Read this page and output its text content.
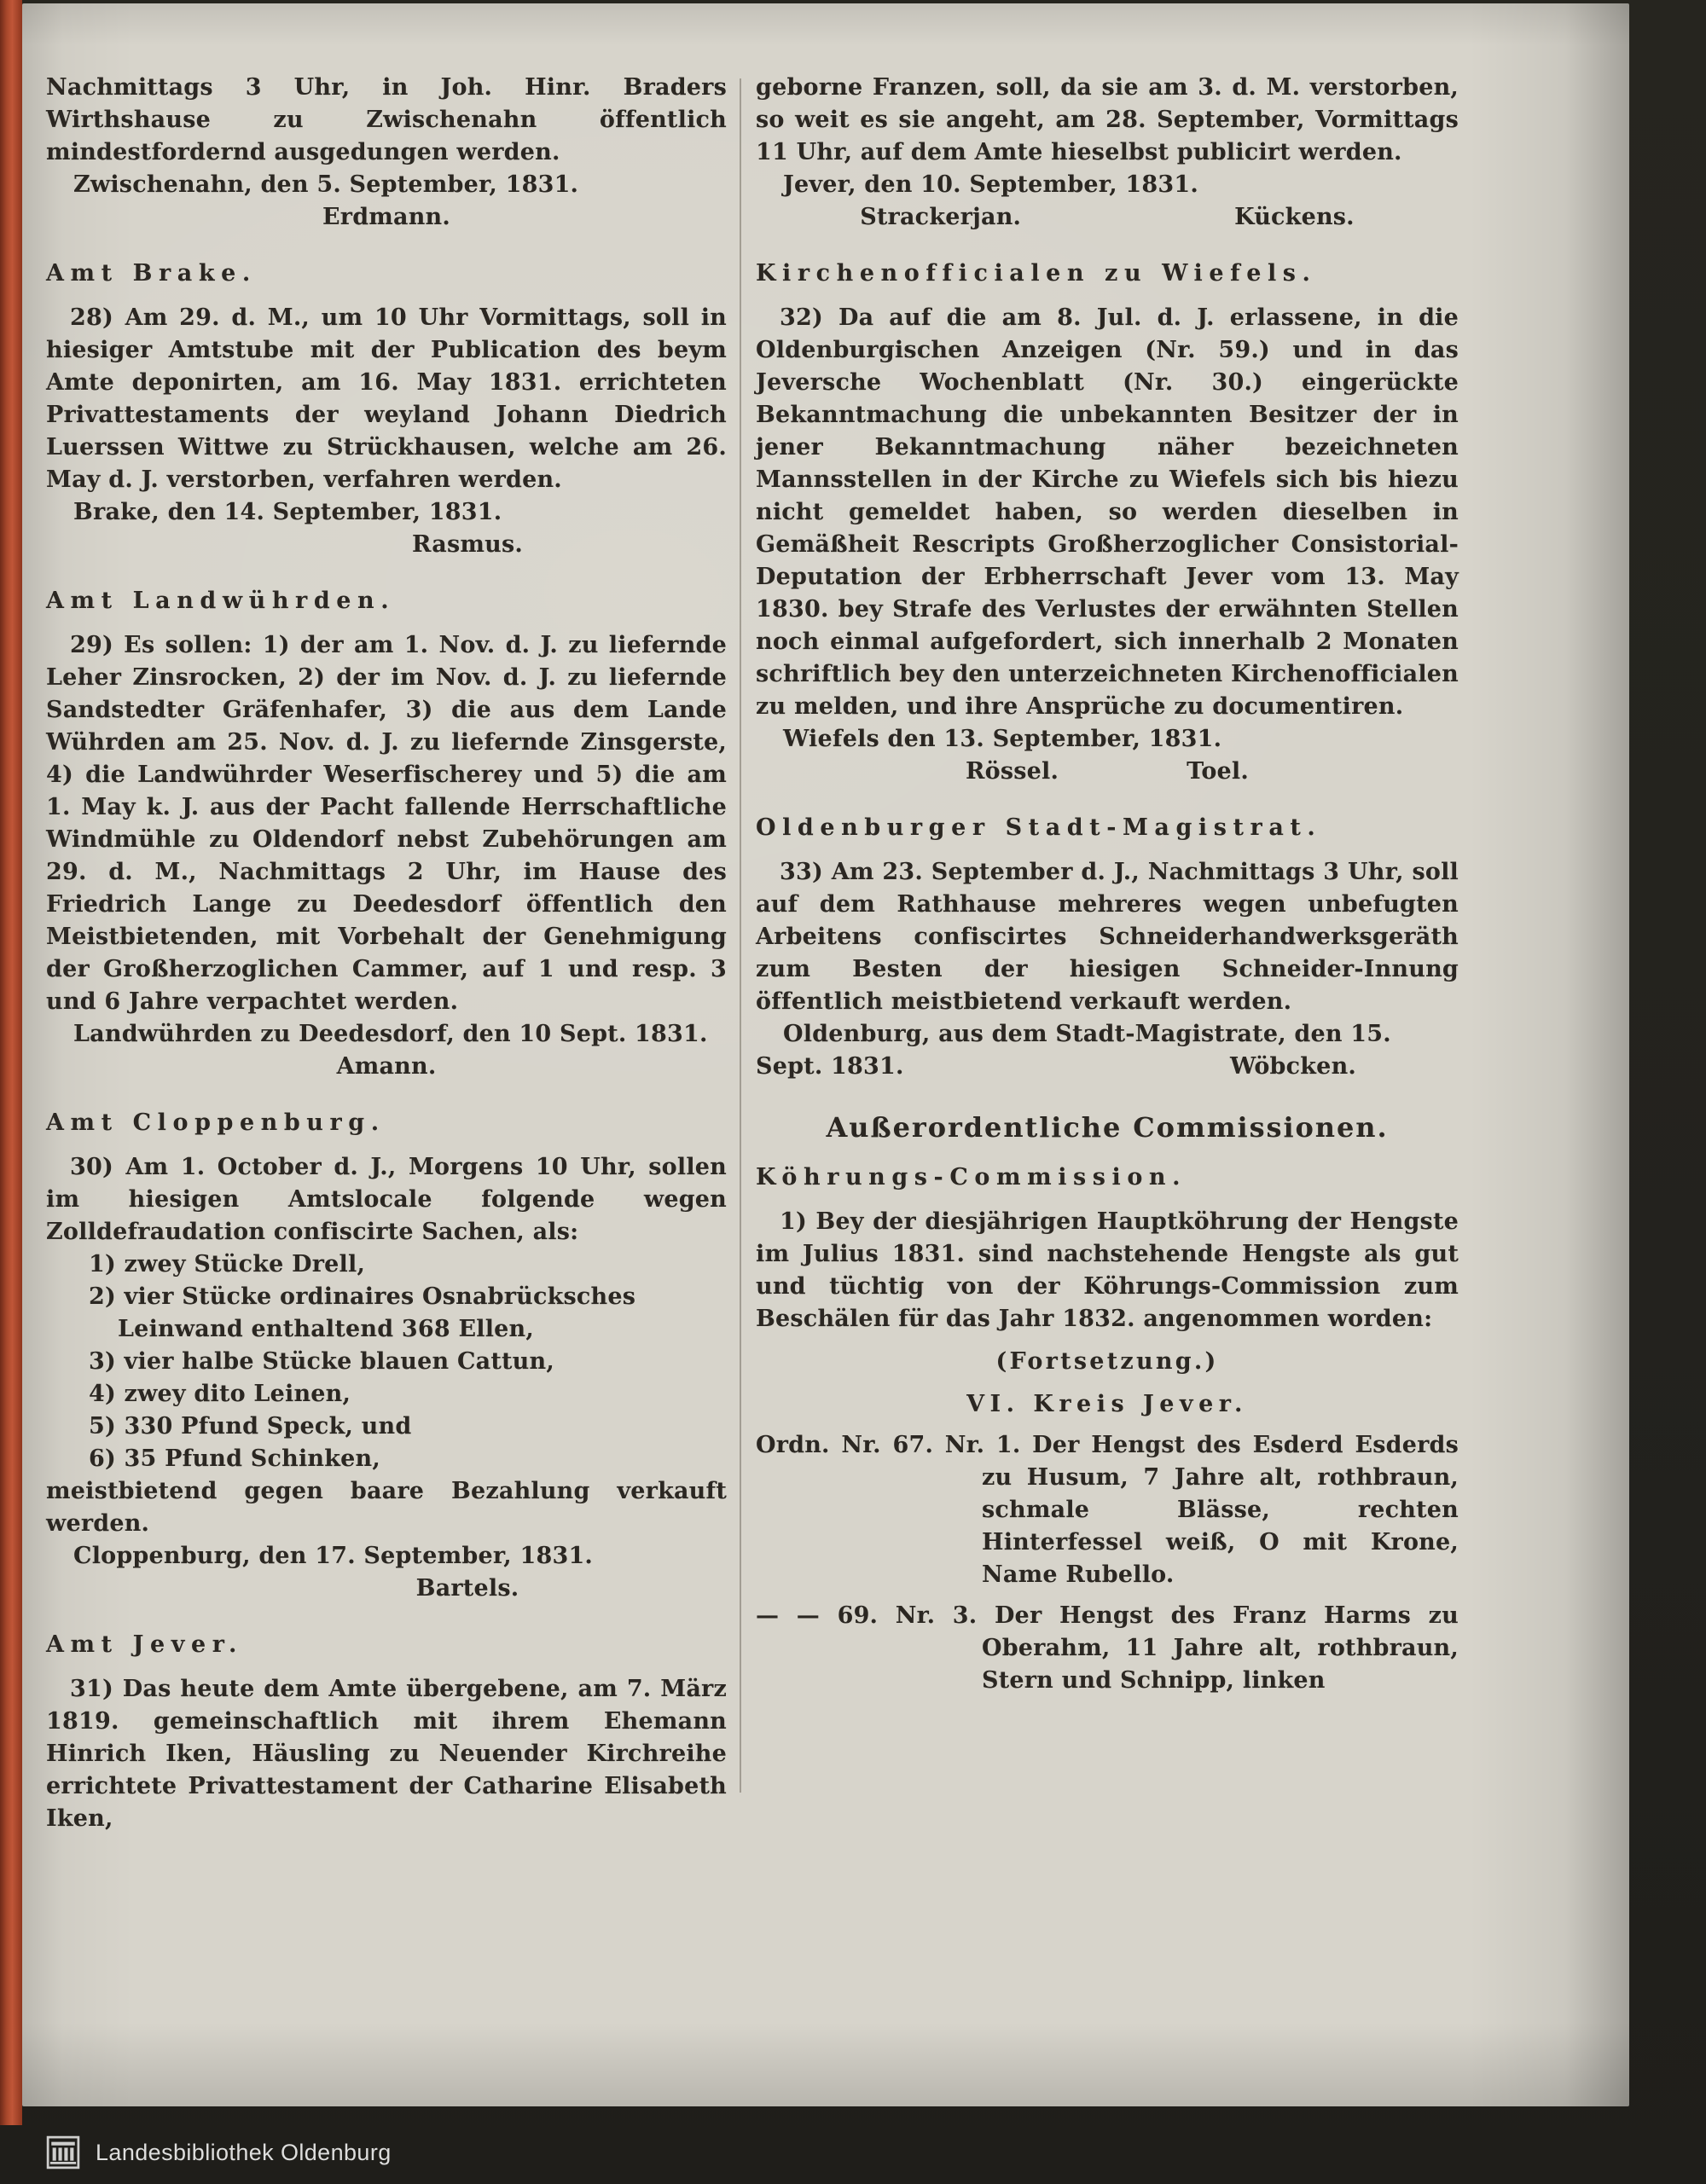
Nachmittags 3 Uhr, in Joh. Hinr. Braders Wirthshause zu Zwischenahn öffentlich mindestfordernd ausgedungen werden.
Zwischenahn, den 5. September, 1831.
Erdmann.
Amt Brake.
28) Am 29. d. M., um 10 Uhr Vormittags, soll in hiesiger Amtstube mit der Publication des beym Amte deponirten, am 16. May 1831. errichteten Privattestaments der weyland Johann Diedrich Luerssen Wittwe zu Strückhausen, welche am 26. May d. J. verstorben, verfahren werden.
Brake, den 14. September, 1831.
Rasmus.
Amt Landwührden.
29) Es sollen: 1) der am 1. Nov. d. J. zu liefernde Leher Zinsrocken, 2) der im Nov. d. J. zu liefernde Sandstedter Gräfenhafer, 3) die aus dem Lande Wührden am 25. Nov. d. J. zu liefernde Zinsgerste, 4) die Landwührder Weserfischerey und 5) die am 1. May k. J. aus der Pacht fallende Herrschaftliche Windmühle zu Oldendorf nebst Zubehörungen am 29. d. M., Nachmittags 2 Uhr, im Hause des Friedrich Lange zu Deedesdorf öffentlich den Meistbietenden, mit Vorbehalt der Genehmigung der Großherzoglichen Cammer, auf 1 und resp. 3 und 6 Jahre verpachtet werden.
Landwührden zu Deedesdorf, den 10 Sept. 1831.
Amann.
Amt Cloppenburg.
30) Am 1. October d. J., Morgens 10 Uhr, sollen im hiesigen Amtslocale folgende wegen Zolldefraudation confiscirte Sachen, als:
1) zwey Stücke Drell,
2) vier Stücke ordinaires Osnabrücksches Leinwand enthaltend 368 Ellen,
3) vier halbe Stücke blauen Cattun,
4) zwey dito Leinen,
5) 330 Pfund Speck, und
6) 35 Pfund Schinken,
meistbietend gegen baare Bezahlung verkauft werden.
Cloppenburg, den 17. September, 1831.
Bartels.
Amt Jever.
31) Das heute dem Amte übergebene, am 7. März 1819. gemeinschaftlich mit ihrem Ehemann Hinrich Iken, Häusling zu Neuender Kirchreihe errichtete Privattestament der Catharine Elisabeth Iken,
geborne Franzen, soll, da sie am 3. d. M. verstorben, so weit es sie angeht, am 28. September, Vormittags 11 Uhr, auf dem Amte hieselbst publicirt werden.
Jever, den 10. September, 1831.
Strackerjan.	Kückens.
Kirchenofficialen zu Wiefels.
32) Da auf die am 8. Jul. d. J. erlassene, in die Oldenburgischen Anzeigen (Nr. 59.) und in das Jeversche Wochenblatt (Nr. 30.) eingerückte Bekanntmachung die unbekannten Besitzer der in jener Bekanntmachung näher bezeichneten Mannsstellen in der Kirche zu Wiefels sich bis hiezu nicht gemeldet haben, so werden dieselben in Gemäßheit Rescripts Großherzoglicher Consistorial-Deputation der Erbherrschaft Jever vom 13. May 1830. bey Strafe des Verlustes der erwähnten Stellen noch einmal aufgefordert, sich innerhalb 2 Monaten schriftlich bey den unterzeichneten Kirchenofficialen zu melden, und ihre Ansprüche zu documentiren.
Wiefels den 13. September, 1831.
Rössel.	Toel.
Oldenburger Stadt-Magistrat.
33) Am 23. September d. J., Nachmittags 3 Uhr, soll auf dem Rathhause mehreres wegen unbefugten Arbeitens confiscirtes Schneiderhandwerksgeräth zum Besten der hiesigen Schneider-Innung öffentlich meistbietend verkauft werden.
Oldenburg, aus dem Stadt-Magistrate, den 15. Sept. 1831.	Wöbcken.
Außerordentliche Commissionen.
Köhrungs-Commission.
1) Bey der diesjährigen Hauptköhrung der Hengste im Julius 1831. sind nachstehende Hengste als gut und tüchtig von der Köhrungs-Commission zum Beschälen für das Jahr 1832. angenommen worden:
(Fortsetzung.)
VI. Kreis Jever.
Ordn. Nr. 67. Nr. 1. Der Hengst des Esderd Esderds zu Husum, 7 Jahre alt, rothbraun, schmale Blässe, rechten Hinterfessel weiß, O mit Krone, Name Rubello.
— — 69. Nr. 3. Der Hengst des Franz Harms zu Oberahm, 11 Jahre alt, rothbraun, Stern und Schnipp, linken
Landesbibliothek Oldenburg
